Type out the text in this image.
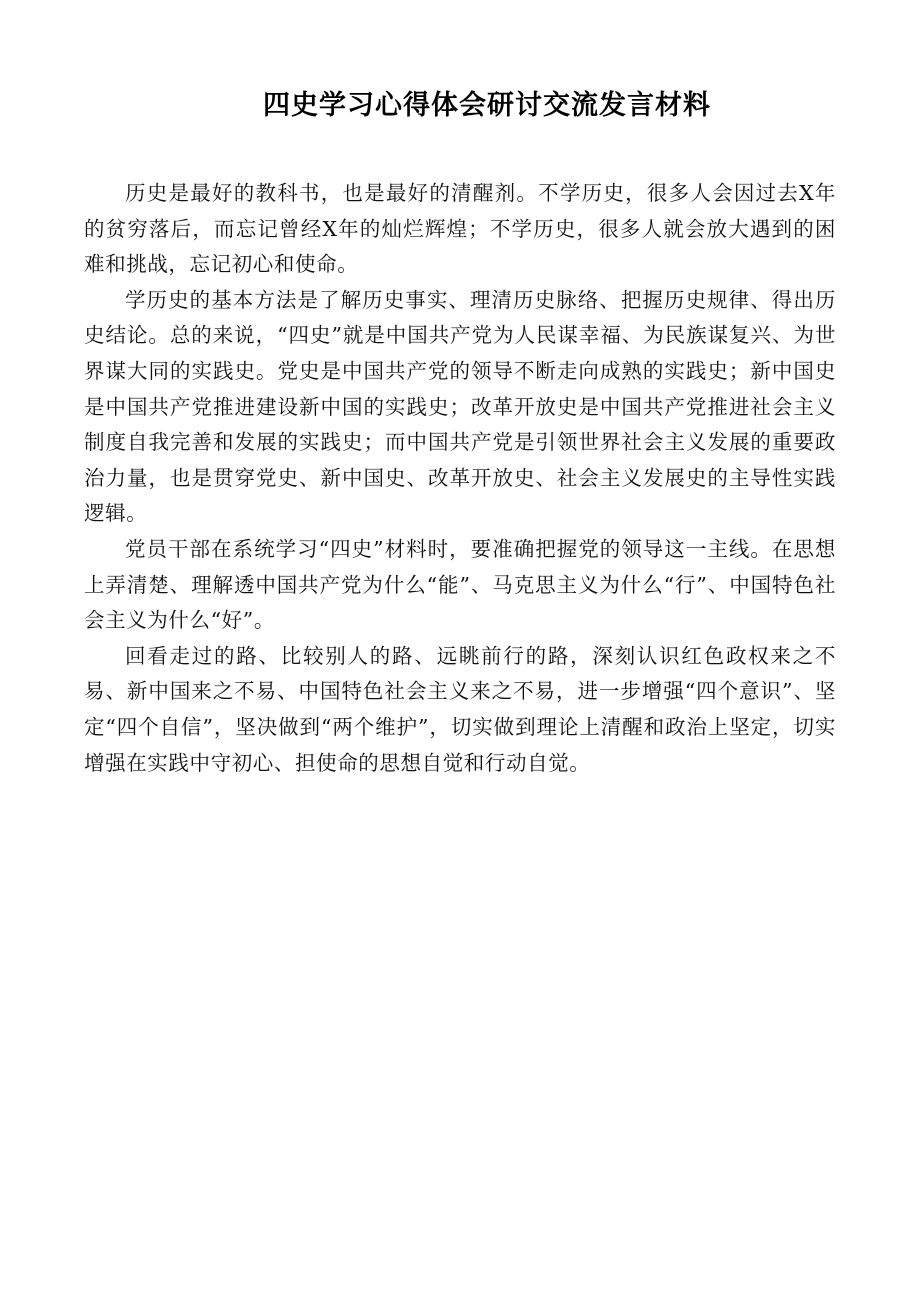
四史学习心得体会研讨交流发言材料

历史是最好的教科书，也是最好的清醒剂。不学历史，很多人会因过去X年的贫穷落后，而忘记曾经X年的灿烂辉煌；不学历史，很多人就会放大遇到的困难和挑战，忘记初心和使命。

学历史的基本方法是了解历史事实、理清历史脉络、把握历史规律、得出历史结论。总的来说，“四史”就是中国共产党为人民谋幸福、为民族谋复兴、为世界谋大同的实践史。党史是中国共产党的领导不断走向成熟的实践史；新中国史是中国共产党推进建设新中国的实践史；改革开放史是中国共产党推进社会主义制度自我完善和发展的实践史；而中国共产党是引领世界社会主义发展的重要政治力量，也是贯穿党史、新中国史、改革开放史、社会主义发展史的主导性实践逻辑。

党员干部在系统学习“四史”材料时，要准确把握党的领导这一主线。在思想上弄清楚、理解透中国共产党为什么“能”、马克思主义为什么“行”、中国特色社会主义为什么“好”。

回看走过的路、比较别人的路、远眺前行的路，深刻认识红色政权来之不易、新中国来之不易、中国特色社会主义来之不易，进一步增强“四个意识”、坚定“四个自信”，坚决做到“两个维护”，切实做到理论上清醒和政治上坚定，切实增强在实践中守初心、担使命的思想自觉和行动自觉。
